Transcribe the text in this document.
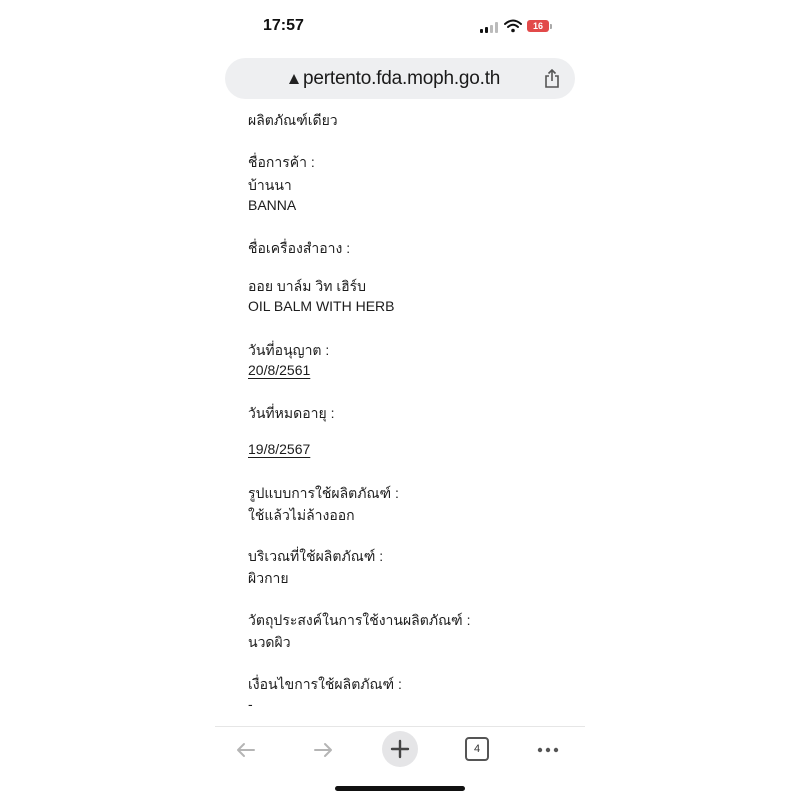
17:57	16
pertento.fda.moph.go.th
ผลิตภัณฑ์เดียว
ชื่อการค้า :
บ้านนา
BANNA
ชื่อเครื่องสำอาง :
ออย บาล์ม วิท เฮิร์บ
OIL BALM WITH HERB
วันที่อนุญาต :
20/8/2561
วันที่หมดอายุ :
19/8/2567
รูปแบบการใช้ผลิตภัณฑ์ :
ใช้แล้วไม่ล้างออก
บริเวณที่ใช้ผลิตภัณฑ์ :
ผิวกาย
วัตถุประสงค์ในการใช้งานผลิตภัณฑ์ :
นวดผิว
เงื่อนไขการใช้ผลิตภัณฑ์ :
-
4
